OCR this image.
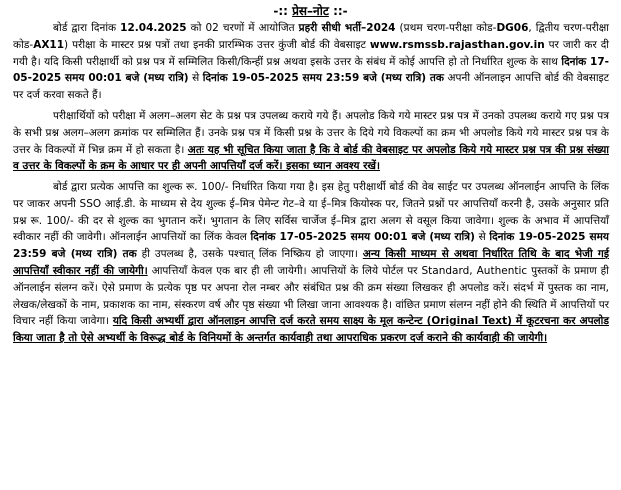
-:: प्रेस–नोट ::-
बोर्ड द्वारा दिनांक 12.04.2025 को 02 चरणों में आयोजित प्रहरी सीधी भर्ती–2024 (प्रथम चरण-परीक्षा कोड-DG06, द्वितीय चरण-परीक्षा कोड-AX11) परीक्षा के मास्टर प्रश्न पत्रों तथा इनकी प्रारम्भिक उत्तर कुंजी बोर्ड की वेबसाइट www.rsmssb.rajasthan.gov.in पर जारी कर दी गयी है। यदि किसी परीक्षार्थी को प्रश्न पत्र में सम्मिलित किसी/किन्हीं प्रश्न अथवा इसके उत्तर के संबंध में कोई आपत्ति हो तो निर्धारित शुल्क के साथ दिनांक 17-05-2025 समय 00:01 बजे (मध्य रात्रि) से दिनांक 19-05-2025 समय 23:59 बजे (मध्य रात्रि) तक अपनी ऑनलाइन आपत्ति बोर्ड की वेबसाइट पर दर्ज करवा सकते हैं।
परीक्षार्थियों को परीक्षा में अलग–अलग सेट के प्रश्न पत्र उपलब्ध कराये गये हैं। अपलोड किये गये मास्टर प्रश्न पत्र में उनको उपलब्ध कराये गए प्रश्न पत्र के सभी प्रश्न अलग–अलग क्रमांक पर सम्मिलित हैं। उनके प्रश्न पत्र में किसी प्रश्न के उत्तर के दिये गये विकल्पों का क्रम भी अपलोड किये गये मास्टर प्रश्न पत्र के उत्तर के विकल्पों में भिन्न क्रम में हो सकता है। अतः यह भी सूचित किया जाता है कि वे बोर्ड की वेबसाइट पर अपलोड किये गये मास्टर प्रश्न पत्र की प्रश्न संख्या व उत्तर के विकल्पों के क्रम के आधार पर ही अपनी आपत्तियाँ दर्ज करें। इसका ध्यान अवश्य रखें।
बोर्ड द्वारा प्रत्येक आपत्ति का शुल्क रू. 100/- निर्धारित किया गया है। इस हेतु परीक्षार्थी बोर्ड की वेब साईट पर उपलब्ध ऑनलाईन आपत्ति के लिंक पर जाकर अपनी SSO आई.डी. के माध्यम से देय शुल्क ई–मित्र पेमेन्ट गेट–वे या ई–मित्र कियोस्क पर, जितने प्रश्नों पर आपत्तियाँ करनी है, उसके अनुसार प्रति प्रश्न रू. 100/- की दर से शुल्क का भुगतान करें। भुगतान के लिए सर्विस चार्जेज ई–मित्र द्वारा अलग से वसूल किया जावेगा। शुल्क के अभाव में आपत्तियाँ स्वीकार नहीं की जावेगी। ऑनलाईन आपत्तियों का लिंक केवल दिनांक 17-05-2025 समय 00:01 बजे (मध्य रात्रि) से दिनांक 19-05-2025 समय 23:59 बजे (मध्य रात्रि) तक ही उपलब्ध है, उसके पश्चात् लिंक निष्क्रिय हो जाएगा। अन्य किसी माध्यम से अथवा निर्धारित तिथि के बाद भेजी गई आपत्तियाँ स्वीकार नहीं की जायेगी। आपत्तियाँ केवल एक बार ही ली जायेगी। आपत्तियों के लिये पोर्टल पर Standard, Authentic पुस्तकों के प्रमाण ही ऑनलाईन संलग्न करें। ऐसे प्रमाण के प्रत्येक पृष्ठ पर अपना रोल नम्बर और संबंधित प्रश्न की क्रम संख्या लिखकर ही अपलोड करें। संदर्भ में पुस्तक का नाम, लेखक/लेखकों के नाम, प्रकाशक का नाम, संस्करण वर्ष और पृष्ठ संख्या भी लिखा जाना आवश्यक है। वांछित प्रमाण संलग्न नहीं होने की स्थिति में आपत्तियों पर विचार नहीं किया जावेगा। यदि किसी अभ्यर्थी द्वारा ऑनलाइन आपत्ति दर्ज करते समय साक्ष्य के मूल कन्टेन्ट (Original Text) में कूटरचना कर अपलोड किया जाता है तो ऐसे अभ्यर्थी के विरूद्ध बोर्ड के विनियमों के अन्तर्गत कार्यवाही तथा आपराधिक प्रकरण दर्ज कराने की कार्यवाही की जायेगी।
